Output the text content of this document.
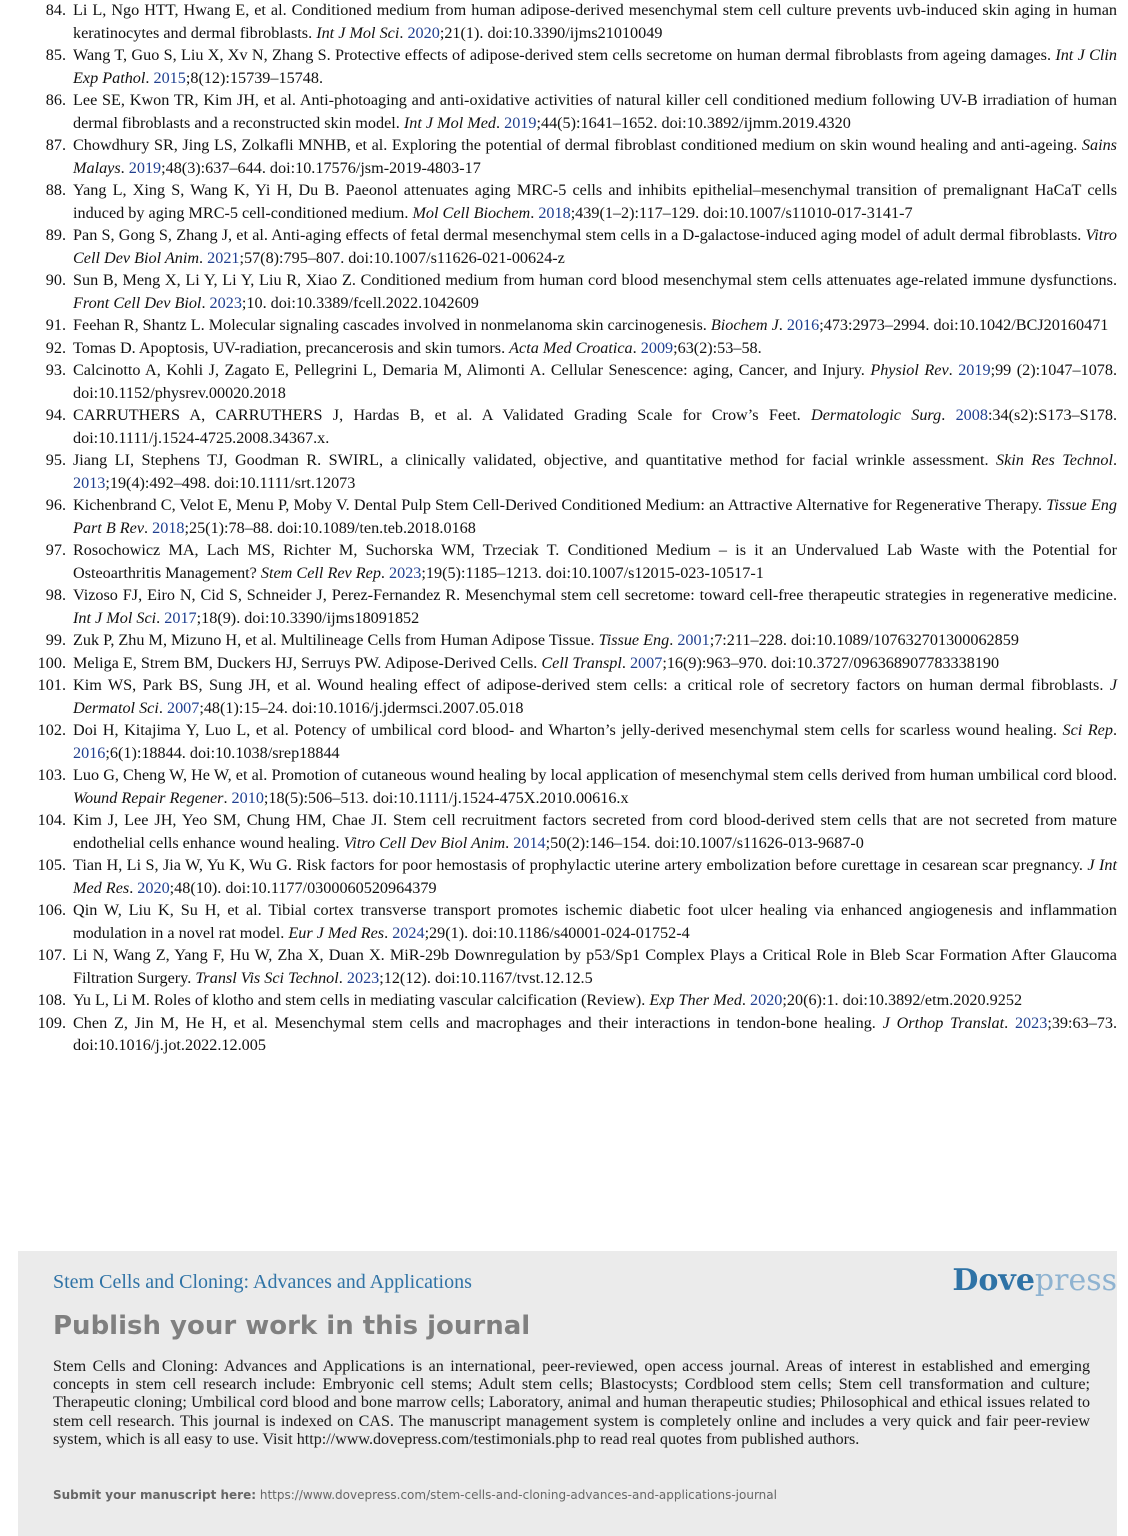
84. Li L, Ngo HTT, Hwang E, et al. Conditioned medium from human adipose-derived mesenchymal stem cell culture prevents uvb-induced skin aging in human keratinocytes and dermal fibroblasts. Int J Mol Sci. 2020;21(1). doi:10.3390/ijms21010049
85. Wang T, Guo S, Liu X, Xv N, Zhang S. Protective effects of adipose-derived stem cells secretome on human dermal fibroblasts from ageing damages. Int J Clin Exp Pathol. 2015;8(12):15739–15748.
86. Lee SE, Kwon TR, Kim JH, et al. Anti-photoaging and anti-oxidative activities of natural killer cell conditioned medium following UV-B irradiation of human dermal fibroblasts and a reconstructed skin model. Int J Mol Med. 2019;44(5):1641–1652. doi:10.3892/ijmm.2019.4320
87. Chowdhury SR, Jing LS, Zolkafli MNHB, et al. Exploring the potential of dermal fibroblast conditioned medium on skin wound healing and anti-ageing. Sains Malays. 2019;48(3):637–644. doi:10.17576/jsm-2019-4803-17
88. Yang L, Xing S, Wang K, Yi H, Du B. Paeonol attenuates aging MRC-5 cells and inhibits epithelial–mesenchymal transition of premalignant HaCaT cells induced by aging MRC-5 cell-conditioned medium. Mol Cell Biochem. 2018;439(1–2):117–129. doi:10.1007/s11010-017-3141-7
89. Pan S, Gong S, Zhang J, et al. Anti-aging effects of fetal dermal mesenchymal stem cells in a D-galactose-induced aging model of adult dermal fibroblasts. Vitro Cell Dev Biol Anim. 2021;57(8):795–807. doi:10.1007/s11626-021-00624-z
90. Sun B, Meng X, Li Y, Li Y, Liu R, Xiao Z. Conditioned medium from human cord blood mesenchymal stem cells attenuates age-related immune dysfunctions. Front Cell Dev Biol. 2023;10. doi:10.3389/fcell.2022.1042609
91. Feehan R, Shantz L. Molecular signaling cascades involved in nonmelanoma skin carcinogenesis. Biochem J. 2016;473:2973–2994. doi:10.1042/BCJ20160471
92. Tomas D. Apoptosis, UV-radiation, precancerosis and skin tumors. Acta Med Croatica. 2009;63(2):53–58.
93. Calcinotto A, Kohli J, Zagato E, Pellegrini L, Demaria M, Alimonti A. Cellular Senescence: aging, Cancer, and Injury. Physiol Rev. 2019;99 (2):1047–1078. doi:10.1152/physrev.00020.2018
94. CARRUTHERS A, CARRUTHERS J, Hardas B, et al. A Validated Grading Scale for Crow’s Feet. Dermatologic Surg. 2008:34(s2):S173–S178. doi:10.1111/j.1524-4725.2008.34367.x.
95. Jiang LI, Stephens TJ, Goodman R. SWIRL, a clinically validated, objective, and quantitative method for facial wrinkle assessment. Skin Res Technol. 2013;19(4):492–498. doi:10.1111/srt.12073
96. Kichenbrand C, Velot E, Menu P, Moby V. Dental Pulp Stem Cell-Derived Conditioned Medium: an Attractive Alternative for Regenerative Therapy. Tissue Eng Part B Rev. 2018;25(1):78–88. doi:10.1089/ten.teb.2018.0168
97. Rosochowicz MA, Lach MS, Richter M, Suchorska WM, Trzeciak T. Conditioned Medium – is it an Undervalued Lab Waste with the Potential for Osteoarthritis Management? Stem Cell Rev Rep. 2023;19(5):1185–1213. doi:10.1007/s12015-023-10517-1
98. Vizoso FJ, Eiro N, Cid S, Schneider J, Perez-Fernandez R. Mesenchymal stem cell secretome: toward cell-free therapeutic strategies in regenerative medicine. Int J Mol Sci. 2017;18(9). doi:10.3390/ijms18091852
99. Zuk P, Zhu M, Mizuno H, et al. Multilineage Cells from Human Adipose Tissue. Tissue Eng. 2001;7:211–228. doi:10.1089/107632701300062859
100. Meliga E, Strem BM, Duckers HJ, Serruys PW. Adipose-Derived Cells. Cell Transpl. 2007;16(9):963–970. doi:10.3727/096368907783338190
101. Kim WS, Park BS, Sung JH, et al. Wound healing effect of adipose-derived stem cells: a critical role of secretory factors on human dermal fibroblasts. J Dermatol Sci. 2007;48(1):15–24. doi:10.1016/j.jdermsci.2007.05.018
102. Doi H, Kitajima Y, Luo L, et al. Potency of umbilical cord blood- and Wharton’s jelly-derived mesenchymal stem cells for scarless wound healing. Sci Rep. 2016;6(1):18844. doi:10.1038/srep18844
103. Luo G, Cheng W, He W, et al. Promotion of cutaneous wound healing by local application of mesenchymal stem cells derived from human umbilical cord blood. Wound Repair Regener. 2010;18(5):506–513. doi:10.1111/j.1524-475X.2010.00616.x
104. Kim J, Lee JH, Yeo SM, Chung HM, Chae JI. Stem cell recruitment factors secreted from cord blood-derived stem cells that are not secreted from mature endothelial cells enhance wound healing. Vitro Cell Dev Biol Anim. 2014;50(2):146–154. doi:10.1007/s11626-013-9687-0
105. Tian H, Li S, Jia W, Yu K, Wu G. Risk factors for poor hemostasis of prophylactic uterine artery embolization before curettage in cesarean scar pregnancy. J Int Med Res. 2020;48(10). doi:10.1177/0300060520964379
106. Qin W, Liu K, Su H, et al. Tibial cortex transverse transport promotes ischemic diabetic foot ulcer healing via enhanced angiogenesis and inflammation modulation in a novel rat model. Eur J Med Res. 2024;29(1). doi:10.1186/s40001-024-01752-4
107. Li N, Wang Z, Yang F, Hu W, Zha X, Duan X. MiR-29b Downregulation by p53/Sp1 Complex Plays a Critical Role in Bleb Scar Formation After Glaucoma Filtration Surgery. Transl Vis Sci Technol. 2023;12(12). doi:10.1167/tvst.12.12.5
108. Yu L, Li M. Roles of klotho and stem cells in mediating vascular calcification (Review). Exp Ther Med. 2020;20(6):1. doi:10.3892/etm.2020.9252
109. Chen Z, Jin M, He H, et al. Mesenchymal stem cells and macrophages and their interactions in tendon-bone healing. J Orthop Translat. 2023;39:63–73. doi:10.1016/j.jot.2022.12.005
Stem Cells and Cloning: Advances and Applications	Dovepress
Publish your work in this journal
Stem Cells and Cloning: Advances and Applications is an international, peer-reviewed, open access journal. Areas of interest in established and emerging concepts in stem cell research include: Embryonic cell stems; Adult stem cells; Blastocysts; Cordblood stem cells; Stem cell transformation and culture; Therapeutic cloning; Umbilical cord blood and bone marrow cells; Laboratory, animal and human therapeutic studies; Philosophical and ethical issues related to stem cell research. This journal is indexed on CAS. The manuscript management system is completely online and includes a very quick and fair peer-review system, which is all easy to use. Visit http://www.dovepress.com/testimonials.php to read real quotes from published authors.
Submit your manuscript here: https://www.dovepress.com/stem-cells-and-cloning-advances-and-applications-journal
